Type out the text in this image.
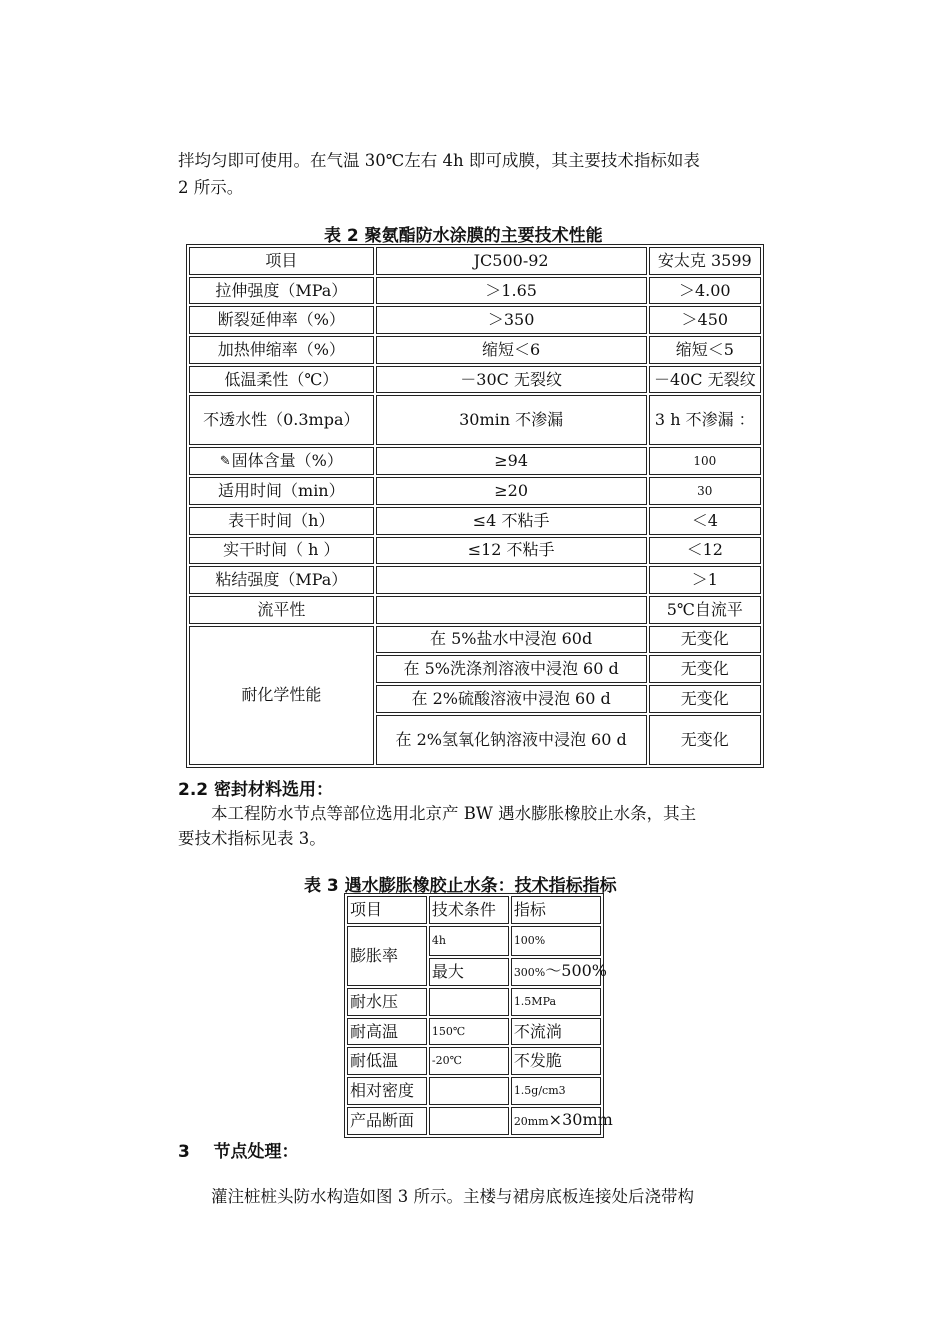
拌均匀即可使用。在气温 30℃左右 4h 即可成膜，其主要技术指标如表

2 所示。

表 2 聚氨酯防水涂膜的主要技术性能

项目	JC500-92	安太克 3599
拉伸强度（MPa）	＞1.65	＞4.00
断裂延伸率（%）	＞350	＞450
加热伸缩率（%）	缩短＜6	缩短＜5
低温柔性（℃）	－30C 无裂纹	－40C 无裂纹
不透水性（0.3mpa）	30min 不渗漏	3 h 不渗漏 ：
✎固体含量（%）	≥94	100
适用时间（min）	≥20	30
表干时间（h）	≤4 不粘手	＜4
实干时间（ h ）	≤12 不粘手	＜12
粘结强度（MPa）		＞1
流平性		5℃自流平
耐化学性能	在 5%盐水中浸泡 60d	无变化
	在 5%洗涤剂溶液中浸泡 60 d	无变化
	在 2%硫酸溶液中浸泡 60 d	无变化
	在 2%氢氧化钠溶液中浸泡 60 d	无变化

2.2 密封材料选用：

本工程防水节点等部位选用北京产 BW 遇水膨胀橡胶止水条，其主

要技术指标见表 3。

表 3 遇水膨胀橡胶止水条：技术指标指标

项目	技术条件	指标
膨胀率	4h	100%
	最大	300%～500%
耐水压		1.5MPa
耐高温	150℃	不流淌
耐低温	-20℃	不发脆
相对密度		1.5g/cm3
产品断面		20mm×30mm

3    节点处理：

灌注桩桩头防水构造如图 3 所示。主楼与裙房底板连接处后浇带构
